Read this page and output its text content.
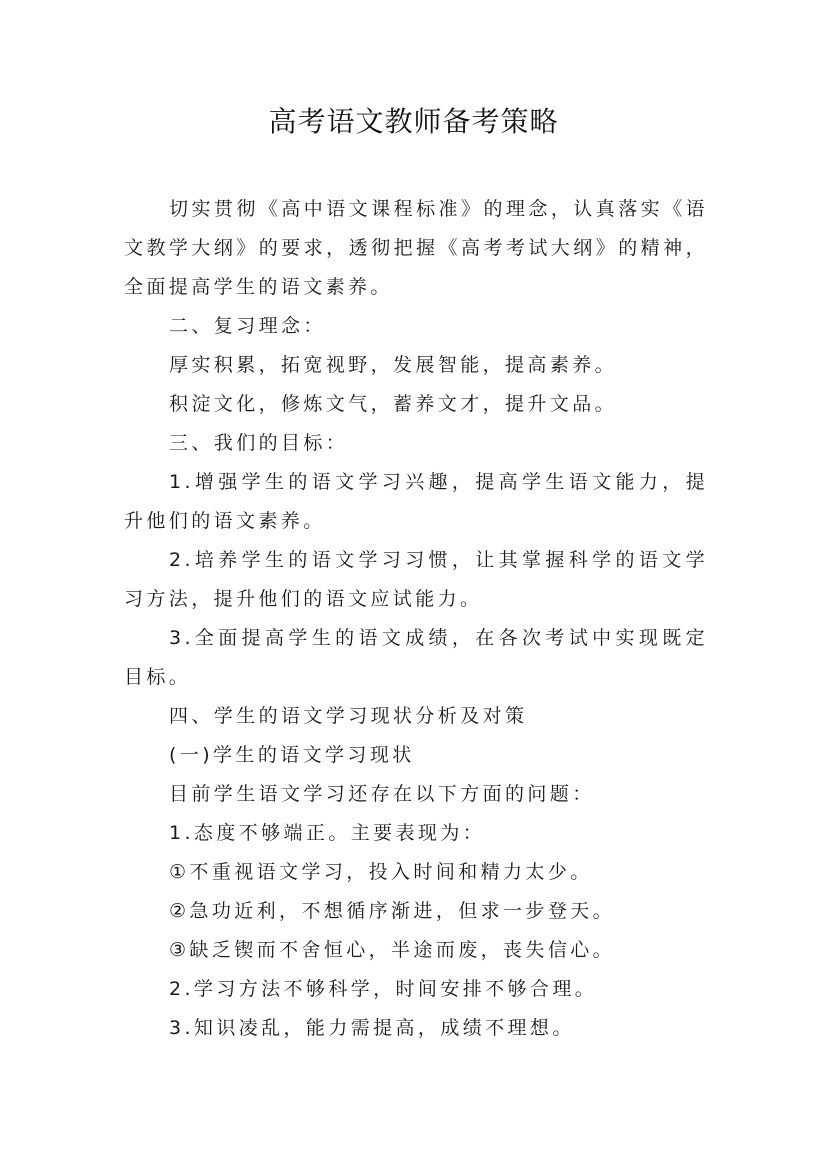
高考语文教师备考策略

切实贯彻《高中语文课程标准》的理念，认真落实《语文教学大纲》的要求，透彻把握《高考考试大纲》的精神，全面提高学生的语文素养。

二、复习理念：

厚实积累，拓宽视野，发展智能，提高素养。

积淀文化，修炼文气，蓄养文才，提升文品。

三、我们的目标：

1.增强学生的语文学习兴趣，提高学生语文能力，提升他们的语文素养。

2.培养学生的语文学习习惯，让其掌握科学的语文学习方法，提升他们的语文应试能力。

3.全面提高学生的语文成绩，在各次考试中实现既定目标。

四、学生的语文学习现状分析及对策

(一)学生的语文学习现状

目前学生语文学习还存在以下方面的问题：

1.态度不够端正。主要表现为：

①不重视语文学习，投入时间和精力太少。

②急功近利，不想循序渐进，但求一步登天。

③缺乏锲而不舍恒心，半途而废，丧失信心。

2.学习方法不够科学，时间安排不够合理。

3.知识凌乱，能力需提高，成绩不理想。
